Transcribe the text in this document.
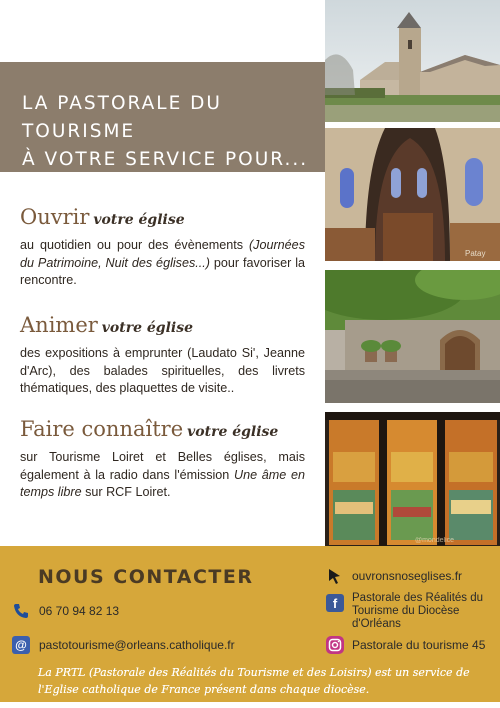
LA PASTORALE DU TOURISME
À VOTRE SERVICE POUR...
Ouvrir votre église

au quotidien ou pour des évènements (Journées du Patrimoine, Nuit des églises...) pour favoriser la rencontre.

Animer votre église

des expositions à emprunter (Laudato Si', Jeanne d'Arc), des balades spirituelles, des livrets thématiques, des plaquettes de visite..

Faire connaître votre église

sur Tourisme Loiret et Belles églises, mais également à la radio dans l'émission Une âme en temps libre sur RCF Loiret.

Patay
@mondelice
NOUS CONTACTER
06 70 94 82 13
@ pastotourisme@orleans.catholique.fr
ouvronsnoseglises.fr
f Pastorale des Réalités du Tourisme du Diocèse d'Orléans
Pastorale du tourisme 45
La PRTL (Pastorale des Réalités du Tourisme et des Loisirs) est un service de l'Eglise catholique de France présent dans chaque diocèse.
